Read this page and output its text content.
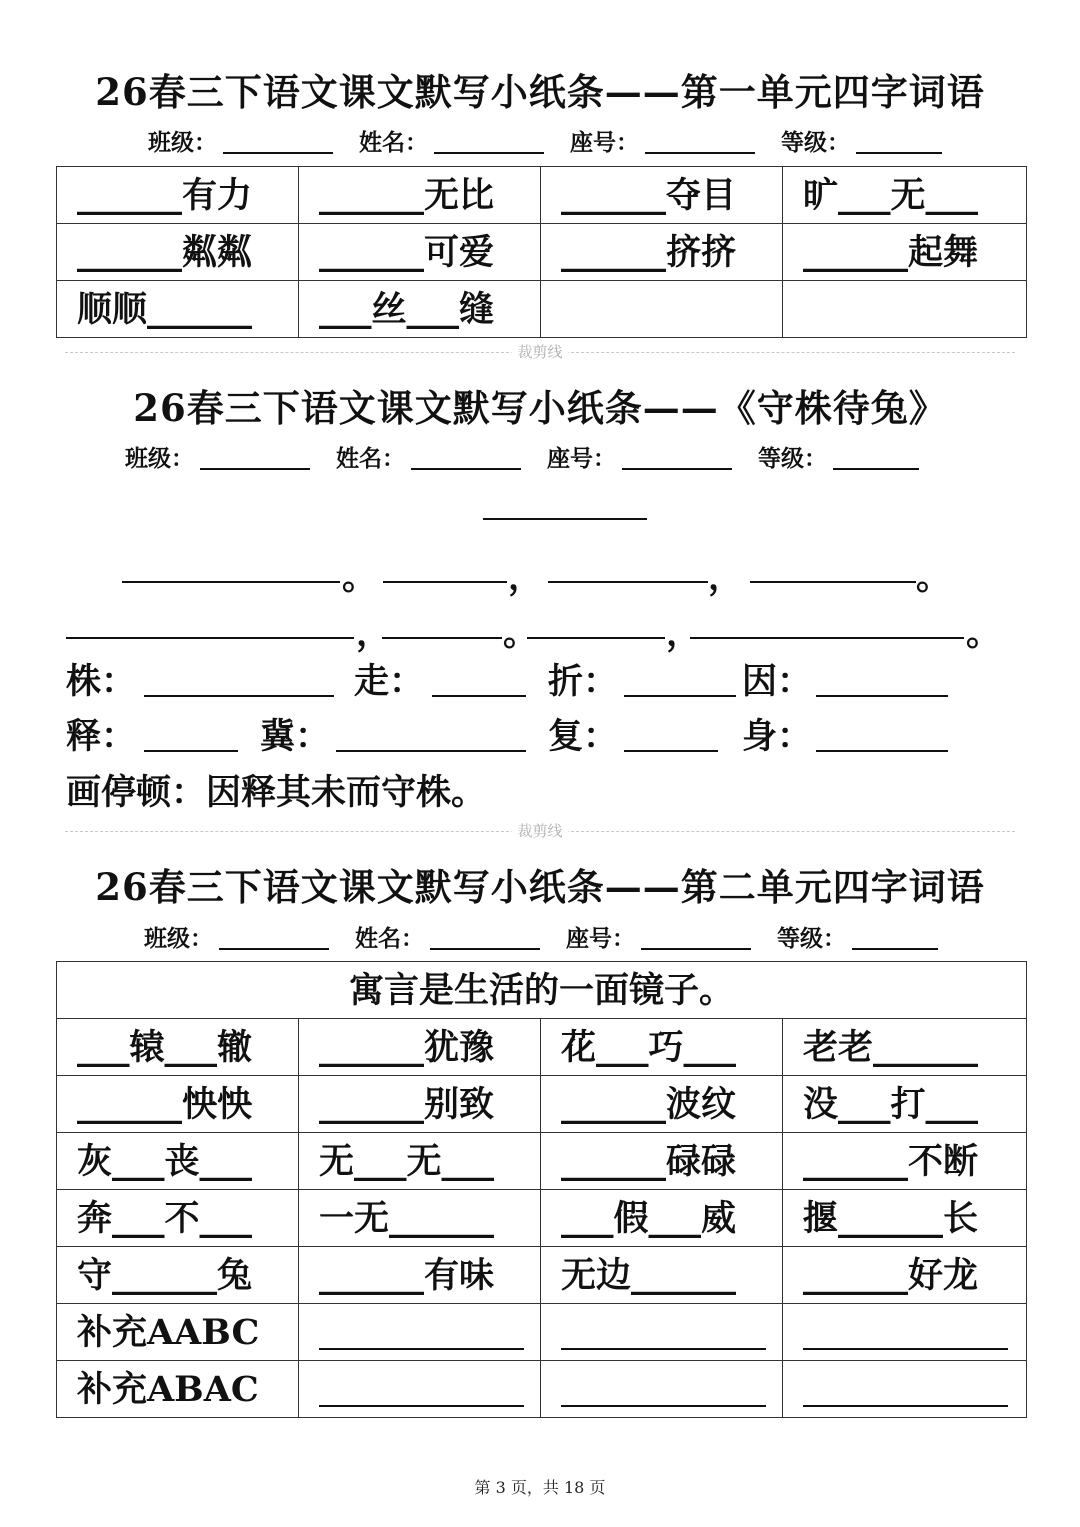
26春三下语文课文默写小纸条——第一单元四字词语
班级：	姓名：	座号：	等级：
______有力	______无比	______夺目	旷___无___
______粼粼	______可爱	______挤挤	______起舞
顺顺______	___丝___缝		
裁剪线
26春三下语文课文默写小纸条——《守株待兔》
班级：	姓名：	座号：	等级：
。	，	，	。
，	。	，	。
株：	走：	折：	因：
释：	冀：	复：	身：
画停顿：因释其未而守株。
裁剪线
26春三下语文课文默写小纸条——第二单元四字词语
班级：	姓名：	座号：	等级：
寓言是生活的一面镜子。			
___辕___辙	______犹豫	花___巧___	老老______
______怏怏	______别致	______波纹	没___打___
灰___丧___	无___无___	______碌碌	______不断
奔___不___	一无______	___假___威	揠______长
守______兔	______有味	无边______	______好龙
补充AABC	

补充ABAC	

第 3 页，共 18 页
